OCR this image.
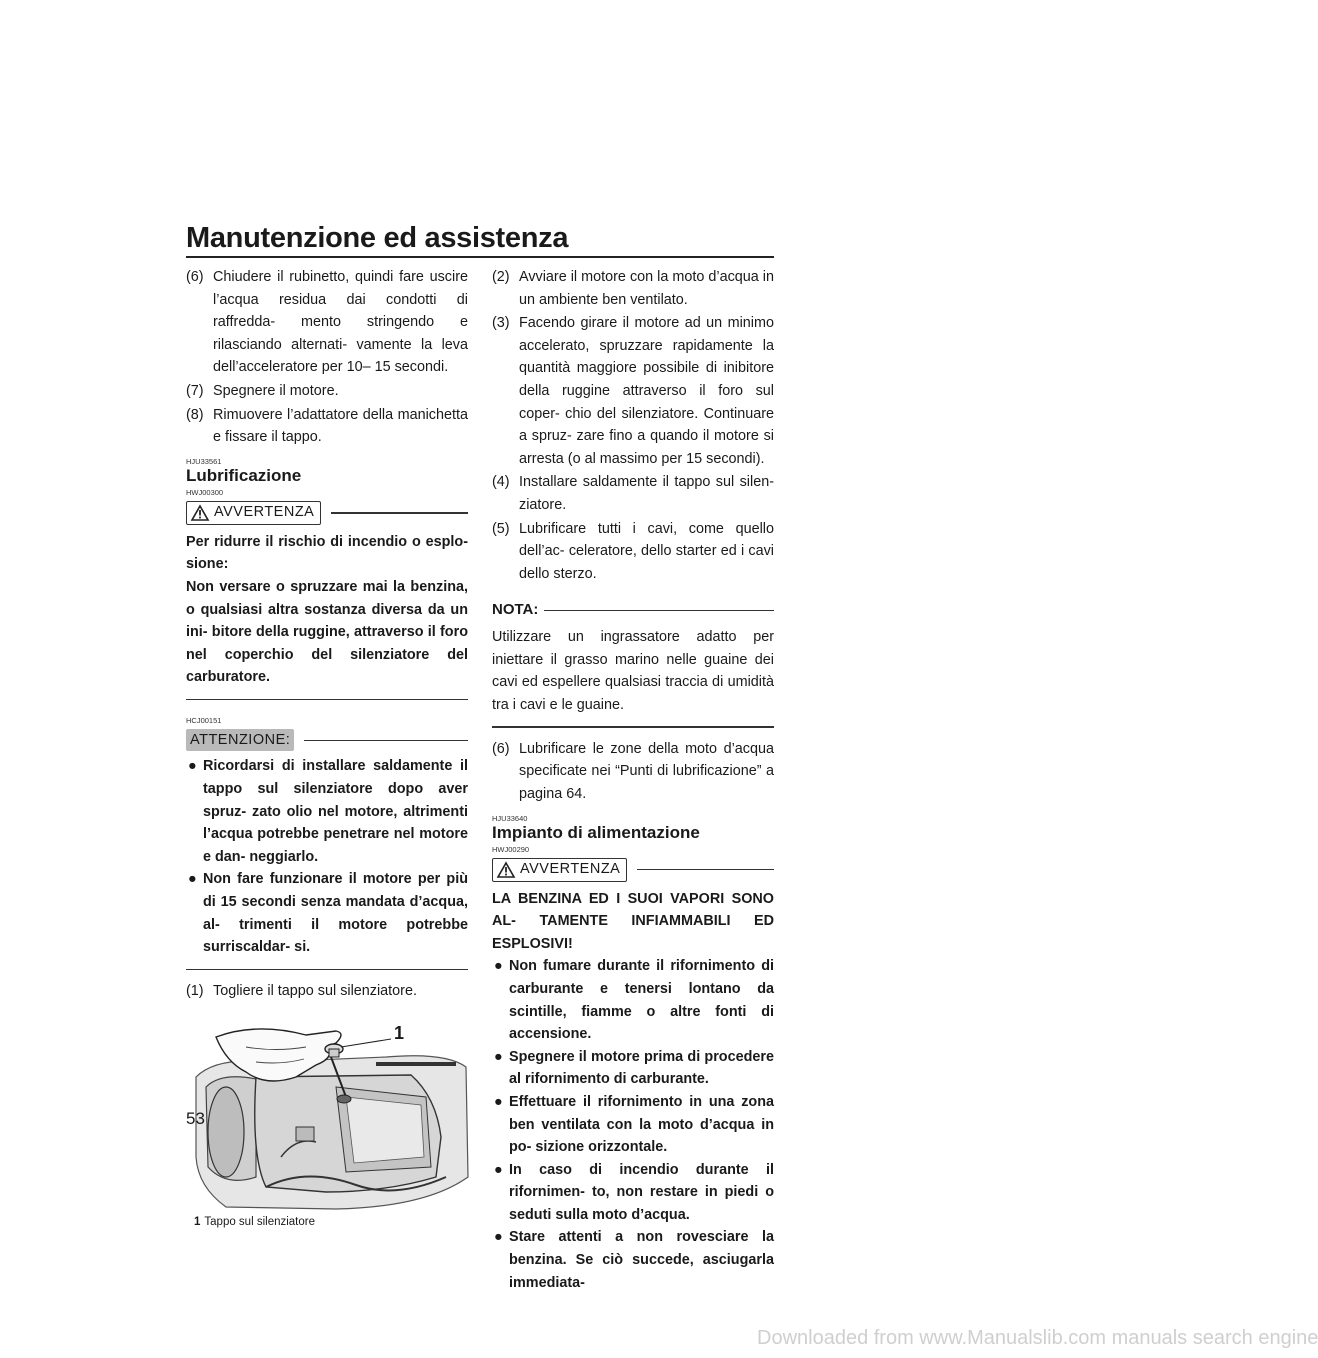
Manutenzione ed assistenza
(6) Chiudere il rubinetto, quindi fare uscire l’acqua residua dai condotti di raffredda- mento stringendo e rilasciando alternati- vamente la leva dell’acceleratore per 10– 15 secondi.
(7) Spegnere il motore.
(8) Rimuovere l’adattatore della manichetta e fissare il tappo.
HJU33561
Lubrificazione
HWJ00300
AVVERTENZA
Per ridurre il rischio di incendio o esplo- sione:
Non versare o spruzzare mai la benzina, o qualsiasi altra sostanza diversa da un ini- bitore della ruggine, attraverso il foro nel coperchio del silenziatore del carburatore.
HCJ00151
ATTENZIONE:
● Ricordarsi di installare saldamente il tappo sul silenziatore dopo aver spruz- zato olio nel motore, altrimenti l’acqua potrebbe penetrare nel motore e dan- neggiarlo.
● Non fare funzionare il motore per più di 15 secondi senza mandata d’acqua, al- trimenti il motore potrebbe surriscaldar- si.
(1) Togliere il tappo sul silenziatore.
1
1 Tappo sul silenziatore
(2) Avviare il motore con la moto d’acqua in un ambiente ben ventilato.
(3) Facendo girare il motore ad un minimo accelerato, spruzzare rapidamente la quantità maggiore possibile di inibitore della ruggine attraverso il foro sul coper- chio del silenziatore. Continuare a spruz- zare fino a quando il motore si arresta (o al massimo per 15 secondi).
(4) Installare saldamente il tappo sul silen- ziatore.
(5) Lubrificare tutti i cavi, come quello dell’ac- celeratore, dello starter ed i cavi dello sterzo.
NOTA:
Utilizzare un ingrassatore adatto per iniettare il grasso marino nelle guaine dei cavi ed espellere qualsiasi traccia di umidità tra i cavi e le guaine.
(6) Lubrificare le zone della moto d’acqua specificate nei “Punti di lubrificazione” a pagina 64.
HJU33640
Impianto di alimentazione
HWJ00290
AVVERTENZA
LA BENZINA ED I SUOI VAPORI SONO AL- TAMENTE INFIAMMABILI ED ESPLOSIVI!
● Non fumare durante il rifornimento di carburante e tenersi lontano da scintille, fiamme o altre fonti di accensione.
● Spegnere il motore prima di procedere al rifornimento di carburante.
● Effettuare il rifornimento in una zona ben ventilata con la moto d’acqua in po- sizione orizzontale.
● In caso di incendio durante il rifornimen- to, non restare in piedi o seduti sulla moto d’acqua.
● Stare attenti a non rovesciare la benzina. Se ciò succede, asciugarla immediata-
53
Downloaded from www.Manualslib.com manuals search engine
